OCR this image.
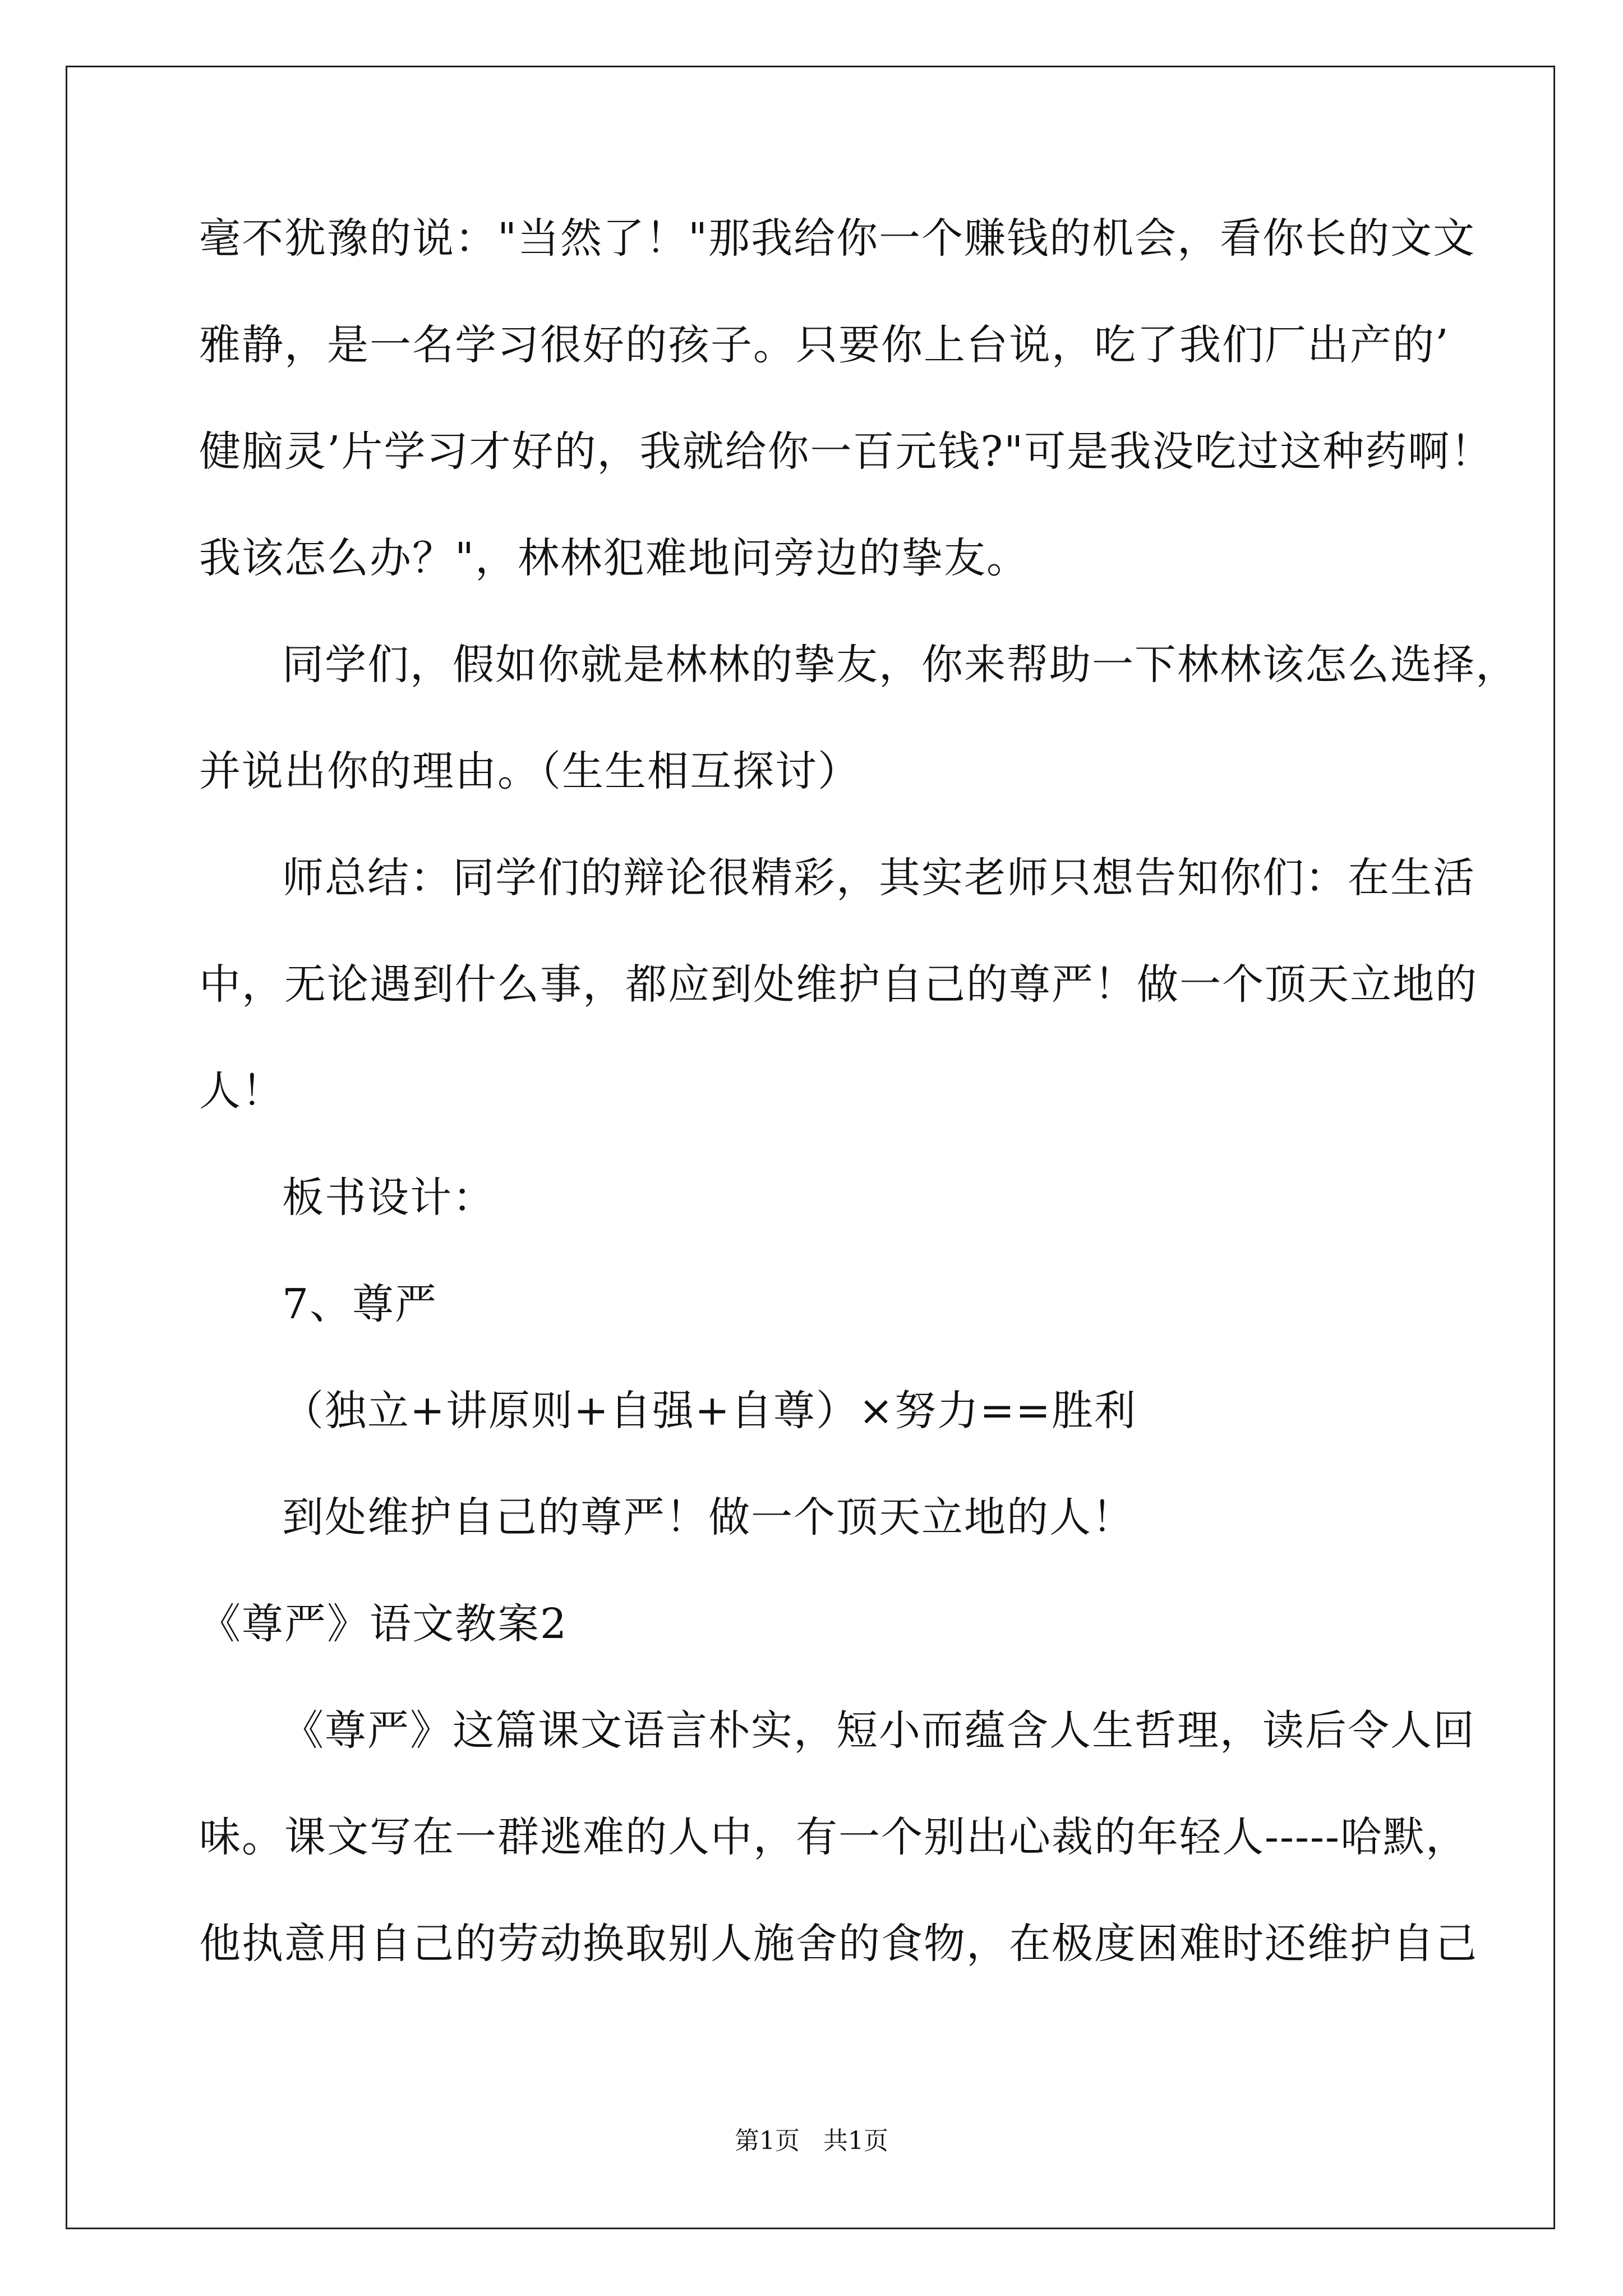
毫不犹豫的说："当然了！"那我给你一个赚钱的机会，看你长的文文
雅静，是一名学习很好的孩子。只要你上台说，吃了我们厂出产的’
健脑灵’片学习才好的，我就给你一百元钱?"可是我没吃过这种药啊！
我该怎么办？"，林林犯难地问旁边的挚友。
同学们，假如你就是林林的挚友，你来帮助一下林林该怎么选择，
并说出你的理由。（生生相互探讨）
师总结：同学们的辩论很精彩，其实老师只想告知你们：在生活
中，无论遇到什么事，都应到处维护自己的尊严！做一个顶天立地的
人！
板书设计：
7、尊严
（独立+讲原则+自强+自尊）×努力==胜利
到处维护自己的尊严！做一个顶天立地的人！
《尊严》语文教案2
《尊严》这篇课文语言朴实，短小而蕴含人生哲理，读后令人回
味。课文写在一群逃难的人中，有一个别出心裁的年轻人-----哈默，
他执意用自己的劳动换取别人施舍的食物，在极度困难时还维护自己
第1页   共1页
